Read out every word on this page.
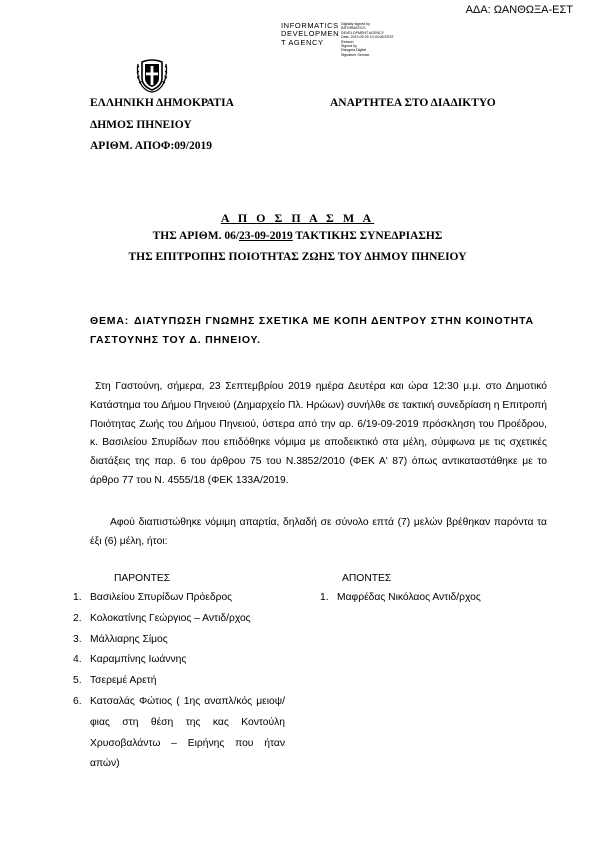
ΑΔΑ: ΩΑΝΘΩΞΑ-ΕΣΤ
INFORMATICS
DEVELOPMEN
T AGENCY
Digitally signed by
INFORMATICS
DEVELOPMENT AGENCY
Date: 2019.09.25 10:33:08 EEST
Reason:
Signed by
Diavgeia Digital
Signature Service
ΕΛΛΗΝΙΚΗ ΔΗΜΟΚΡΑΤΙΑ
ΔΗΜΟΣ ΠΗΝΕΙΟΥ
ΑΡΙΘΜ. ΑΠΟΦ:09/2019
ΑΝΑΡΤΗΤΕΑ ΣΤΟ ΔΙΑΔΙΚΤΥΟ
Α Π Ο Σ Π Α Σ Μ Α
ΤΗΣ ΑΡΙΘΜ. 06/23-09-2019 ΤΑΚΤΙΚΗΣ ΣΥΝΕΔΡΙΑΣΗΣ
ΤΗΣ ΕΠΙΤΡΟΠΗΣ ΠΟΙΟΤΗΤΑΣ ΖΩΗΣ ΤΟΥ ΔΗΜΟΥ ΠΗΝΕΙΟΥ
ΘΕΜΑ: ΔΙΑΤΥΠΩΣΗ ΓΝΩΜΗΣ ΣΧΕΤΙΚΑ ΜΕ ΚΟΠΗ ΔΕΝΤΡΟΥ ΣΤΗΝ ΚΟΙΝΟΤΗΤΑ ΓΑΣΤΟΥΝΗΣ ΤΟΥ Δ. ΠΗΝΕΙΟΥ.
Στη Γαστούνη, σήμερα, 23 Σεπτεμβρίου 2019 ημέρα Δευτέρα και ώρα 12:30 μ.μ. στο Δημοτικό Κατάστημα του Δήμου Πηνειού (Δημαρχείο Πλ. Ηρώων) συνήλθε σε τακτική συνεδρίαση η Επιτροπή Ποιότητας Ζωής του Δήμου Πηνειού, ύστερα από την αρ. 6/19-09-2019 πρόσκληση του Προέδρου, κ. Βασιλείου Σπυρίδων που επιδόθηκε νόμιμα με αποδεικτικό στα μέλη, σύμφωνα με τις σχετικές διατάξεις της παρ. 6 του άρθρου 75 του Ν.3852/2010 (ΦΕΚ Α' 87) όπως αντικαταστάθηκε με το άρθρο 77 του Ν. 4555/18 (ΦΕΚ 133Α/2019.
Αφού διαπιστώθηκε νόμιμη απαρτία, δηλαδή σε σύνολο επτά (7) μελών βρέθηκαν παρόντα τα έξι (6) μέλη, ήτοι:
ΠΑΡΟΝΤΕΣ	ΑΠΟΝΤΕΣ
1. Βασιλείου Σπυρίδων Πρόεδρος
2. Κολοκατίνης Γεώργιος – Αντιδ/ρχος
3. Μάλλιαρης Σίμος
4. Καραμπίνης Ιωάννης
5. Τσερεμέ Αρετή
6. Κατσαλάς Φώτιος ( 1ης αναπλ/κός μειοψ/φιας στη θέση της κας Κοντούλη Χρυσοβαλάντω – Ειρήνης που ήταν απών)
1. Μαφρέδας Νικόλαος Αντιδ/ρχος
